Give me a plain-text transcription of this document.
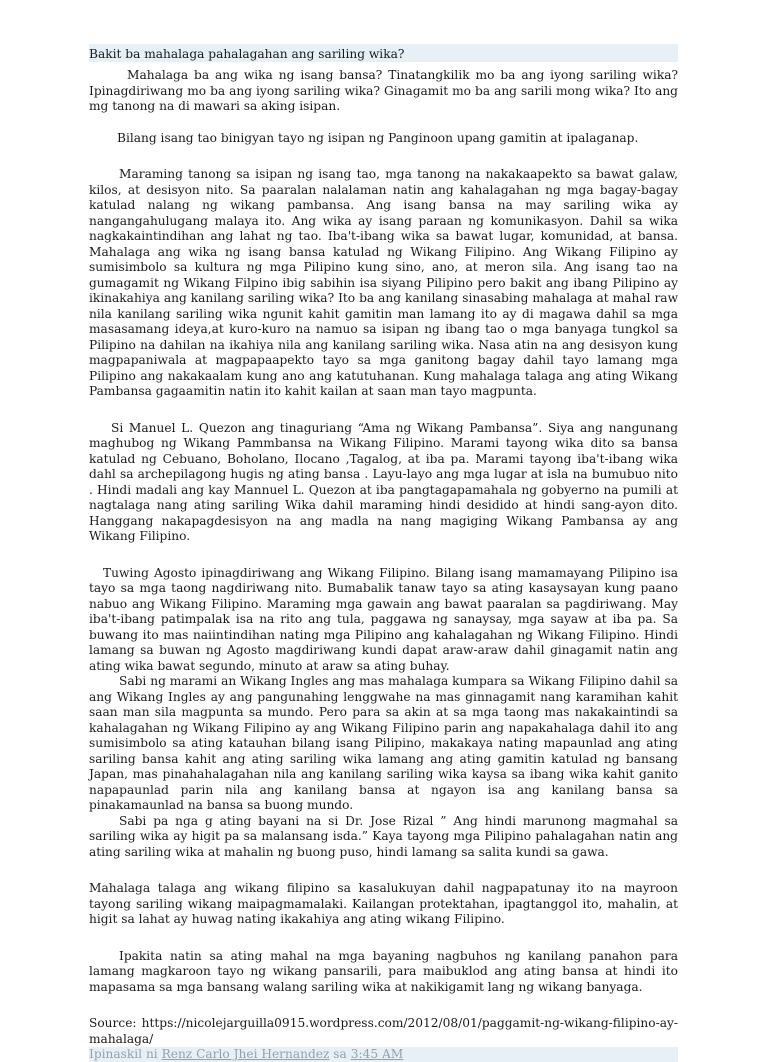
Bakit ba mahalaga pahalagahan ang sariling wika?

Mahalaga ba ang wika ng isang bansa? Tinatangkilik mo ba ang iyong sariling wika? Ipinagdiriwang mo ba ang iyong sariling wika? Ginagamit mo ba ang sarili mong wika? Ito ang mg tanong na di mawari sa aking isipan.

Bilang isang tao binigyan tayo ng isipan ng Panginoon upang gamitin at ipalaganap.

Maraming tanong sa isipan ng isang tao, mga tanong na nakakaapekto sa bawat galaw, kilos, at desisyon nito. Sa paaralan nalalaman natin ang kahalagahan ng mga bagay-bagay katulad nalang ng wikang pambansa. Ang isang bansa na may sariling wika ay nangangahulugang malaya ito. Ang wika ay isang paraan ng komunikasyon. Dahil sa wika nagkakaintindihan ang lahat ng tao. Iba't-ibang wika sa bawat lugar, komunidad, at bansa. Mahalaga ang wika ng isang bansa katulad ng Wikang Filipino. Ang Wikang Filipino ay sumisimbolo sa kultura ng mga Pilipino kung sino, ano, at meron sila. Ang isang tao na gumagamit ng Wikang Filpino ibig sabihin isa siyang Pilipino pero bakit ang ibang Pilipino ay ikinakahiya ang kanilang sariling wika? Ito ba ang kanilang sinasabing mahalaga at mahal raw nila kanilang sariling wika ngunit kahit gamitin man lamang ito ay di magawa dahil sa mga masasamang ideya,at kuro-kuro na namuo sa isipan ng ibang tao o mga banyaga tungkol sa Pilipino na dahilan na ikahiya nila ang kanilang sariling wika. Nasa atin na ang desisyon kung magpapaniwala at magpapaapekto tayo sa mga ganitong bagay dahil tayo lamang mga Pilipino ang nakakaalam kung ano ang katutuhanan. Kung mahalaga talaga ang ating Wikang Pambansa gagaamitin natin ito kahit kailan at saan man tayo magpunta.

Si Manuel L. Quezon ang tinaguriang “Ama ng Wikang Pambansa”. Siya ang nangunang maghubog ng Wikang Pammbansa na Wikang Filipino. Marami tayong wika dito sa bansa katulad ng Cebuano, Boholano, Ilocano ,Tagalog, at iba pa. Marami tayong iba't-ibang wika dahl sa archepilagong hugis ng ating bansa . Layu-layo ang mga lugar at isla na bumubuo nito . Hindi madali ang kay Mannuel L. Quezon at iba pangtagapamahala ng gobyerno na pumili at nagtalaga nang ating sariling Wika dahil maraming hindi desidido at hindi sang-ayon dito. Hanggang nakapagdesisyon na ang madla na nang magiging Wikang Pambansa ay ang Wikang Filipino.

Tuwing Agosto ipinagdiriwang ang Wikang Filipino. Bilang isang mamamayang Pilipino isa tayo sa mga taong nagdiriwang nito. Bumabalik tanaw tayo sa ating kasaysayan kung paano nabuo ang Wikang Filipino. Maraming mga gawain ang bawat paaralan sa pagdiriwang. May iba't-ibang patimpalak isa na rito ang tula, paggawa ng sanaysay, mga sayaw at iba pa. Sa buwang ito mas naiintindihan nating mga Pilipino ang kahalagahan ng Wikang Filipino. Hindi lamang sa buwan ng Agosto magdiriwang kundi dapat araw-araw dahil ginagamit natin ang ating wika bawat segundo, minuto at araw sa ating buhay.

Sabi ng marami an Wikang Ingles ang mas mahalaga kumpara sa Wikang Filipino dahil sa ang Wikang Ingles ay ang pangunahing lenggwahe na mas ginnagamit nang karamihan kahit saan man sila magpunta sa mundo. Pero para sa akin at sa mga taong mas nakakaintindi sa kahalagahan ng Wikang Filipino ay ang Wikang Filipino parin ang napakahalaga dahil ito ang sumisimbolo sa ating katauhan bilang isang Pilipino, makakaya nating mapaunlad ang ating sariling bansa kahit ang ating sariling wika lamang ang ating gamitin katulad ng bansang Japan, mas pinahahalagahan nila ang kanilang sariling wika kaysa sa ibang wika kahit ganito napapaunlad parin nila ang kanilang bansa at ngayon isa ang kanilang bansa sa pinakamaunlad na bansa sa buong mundo.

Sabi pa nga g ating bayani na si Dr. Jose Rizal ” Ang hindi marunong magmahal sa sariling wika ay higit pa sa malansang isda.” Kaya tayong mga Pilipino pahalagahan natin ang ating sariling wika at mahalin ng buong puso, hindi lamang sa salita kundi sa gawa.

Mahalaga talaga ang wikang filipino sa kasalukuyan dahil nagpapatunay ito na mayroon tayong sariling wikang maipagmamalaki. Kailangan protektahan, ipagtanggol ito, mahalin, at higit sa lahat ay huwag nating ikakahiya ang ating wikang Filipino.

Ipakita natin sa ating mahal na mga bayaning nagbuhos ng kanilang panahon para lamang magkaroon tayo ng wikang pansarili, para maibuklod ang ating bansa at hindi ito mapasama sa mga bansang walang sariling wika at nakikigamit lang ng wikang banyaga.

Source: https://nicolejarguilla0915.wordpress.com/2012/08/01/paggamit-ng-wikang-filipino-ay-mahalaga/

Ipinaskil ni Renz Carlo Jhei Hernandez sa 3:45 AM
